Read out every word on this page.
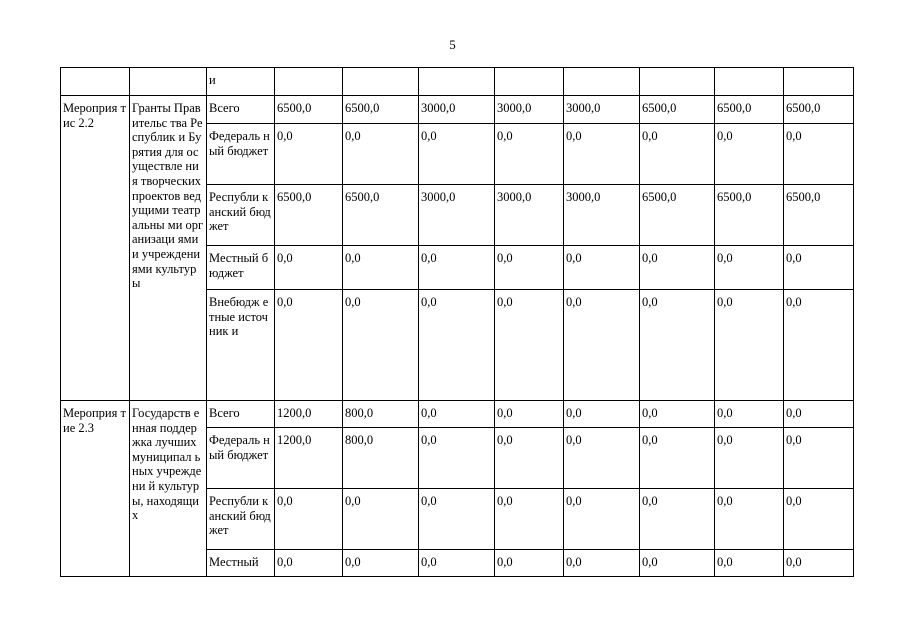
5
		и								
Мероприя тис 2.2	Гранты Правительс тва Республик и Бурятия для осуществле ния творческих проектов ведущими театральны ми организаци ями и учреждени ями культуры	Всего	6500,0	6500,0	3000,0	3000,0	3000,0	6500,0	6500,0	6500,0
		Федераль ный бюджет	0,0	0,0	0,0	0,0	0,0	0,0	0,0	0,0
		Республи канский бюджет	6500,0	6500,0	3000,0	3000,0	3000,0	6500,0	6500,0	6500,0
		Местный бюджет	0,0	0,0	0,0	0,0	0,0	0,0	0,0	0,0
		Внебюдж етные источник и	0,0	0,0	0,0	0,0	0,0	0,0	0,0	0,0
Мероприя тие 2.3	Государств енная поддержка лучших муниципал ьных учреждени й культуры, находящих	Всего	1200,0	800,0	0,0	0,0	0,0	0,0	0,0	0,0
		Федераль ный бюджет	1200,0	800,0	0,0	0,0	0,0	0,0	0,0	0,0
		Республи канский бюджет	0,0	0,0	0,0	0,0	0,0	0,0	0,0	0,0
		Местный	0,0	0,0	0,0	0,0	0,0	0,0	0,0	0,0
